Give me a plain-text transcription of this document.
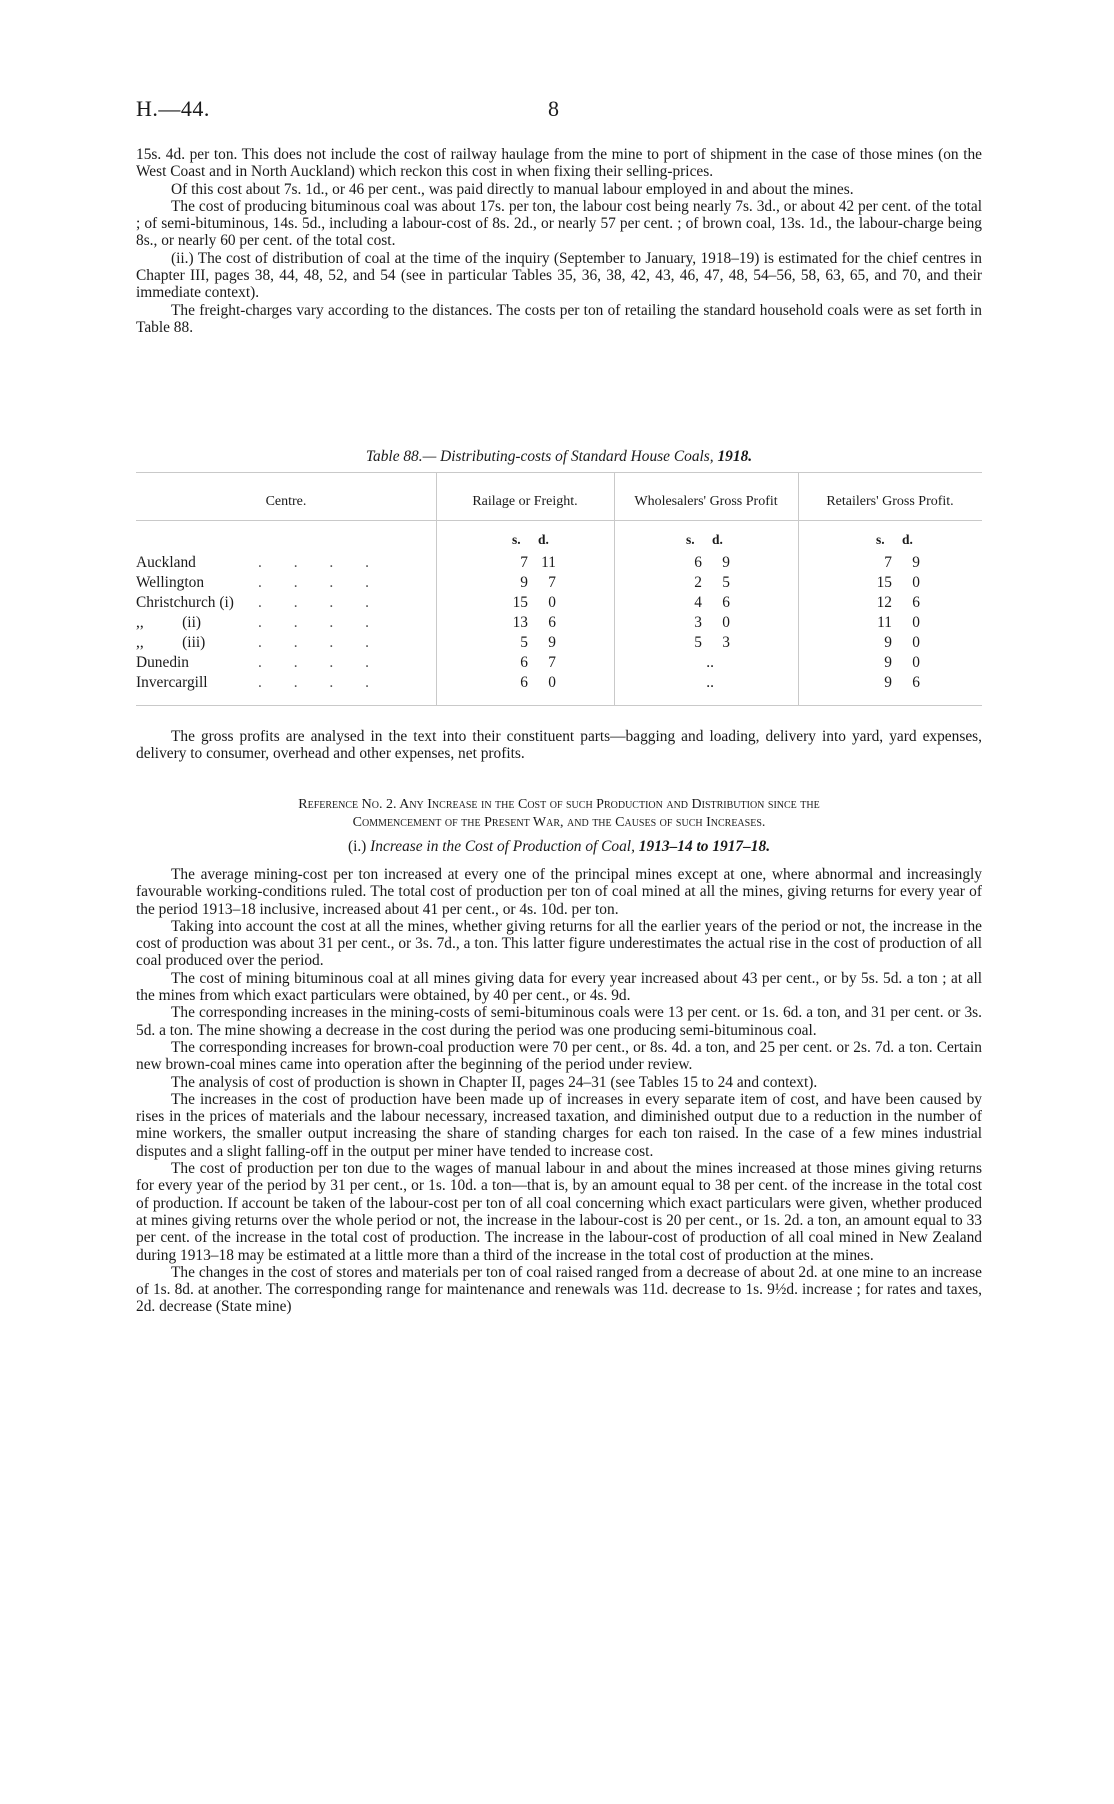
H.—44.	8

15s. 4d. per ton. This does not include the cost of railway haulage from the mine to port of shipment in the case of those mines (on the West Coast and in North Auckland) which reckon this cost in when fixing their selling-prices.

Of this cost about 7s. 1d., or 46 per cent., was paid directly to manual labour employed in and about the mines.

The cost of producing bituminous coal was about 17s. per ton, the labour cost being nearly 7s. 3d., or about 42 per cent. of the total ; of semi-bituminous, 14s. 5d., including a labour-cost of 8s. 2d., or nearly 57 per cent. ; of brown coal, 13s. 1d., the labour-charge being 8s., or nearly 60 per cent. of the total cost.

(ii.) The cost of distribution of coal at the time of the inquiry (September to January, 1918–19) is estimated for the chief centres in Chapter III, pages 38, 44, 48, 52, and 54 (see in particular Tables 35, 36, 38, 42, 43, 46, 47, 48, 54–56, 58, 63, 65, and 70, and their immediate context).

The freight-charges vary according to the distances. The costs per ton of retailing the standard household coals were as set forth in Table 88.

Table 88.— Distributing-costs of Standard House Coals, 1918.
Centre.	Railage or Freight.	Wholesalers' Gross Profit	Retailers' Gross Profit.
s. d.	s. d.	s. d.
Auckland	. . . .	7 11	6	9	7	9
Wellington	. . . .	9	7	2	5	15	0
Christchurch (i) . . . .	15	0	4	6	12	6
,,          (ii)	. . . .	13	6	3	0	11	0
,,          (iii)	. . . .	5	9	5	3	9	0
Dunedin	. . . .	6	7	..	9	0
Invercargill	. . . .	6	0	..	9	6

The gross profits are analysed in the text into their constituent parts—bagging and loading, delivery into yard, yard expenses, delivery to consumer, overhead and other expenses, net profits.

Reference No. 2. Any Increase in the Cost of such Production and Distribution since the
Commencement of the Present War, and the Causes of such Increases.
(i.) Increase in the Cost of Production of Coal, 1913–14 to 1917–18.

The average mining-cost per ton increased at every one of the principal mines except at one, where abnormal and increasingly favourable working-conditions ruled. The total cost of production per ton of coal mined at all the mines, giving returns for every year of the period 1913–18 inclusive, increased about 41 per cent., or 4s. 10d. per ton.

Taking into account the cost at all the mines, whether giving returns for all the earlier years of the period or not, the increase in the cost of production was about 31 per cent., or 3s. 7d., a ton. This latter figure underestimates the actual rise in the cost of production of all coal produced over the period.

The cost of mining bituminous coal at all mines giving data for every year increased about 43 per cent., or by 5s. 5d. a ton ; at all the mines from which exact particulars were obtained, by 40 per cent., or 4s. 9d.

The corresponding increases in the mining-costs of semi-bituminous coals were 13 per cent. or 1s. 6d. a ton, and 31 per cent. or 3s. 5d. a ton. The mine showing a decrease in the cost during the period was one producing semi-bituminous coal.

The corresponding increases for brown-coal production were 70 per cent., or 8s. 4d. a ton, and 25 per cent. or 2s. 7d. a ton. Certain new brown-coal mines came into operation after the beginning of the period under review.

The analysis of cost of production is shown in Chapter II, pages 24–31 (see Tables 15 to 24 and context).

The increases in the cost of production have been made up of increases in every separate item of cost, and have been caused by rises in the prices of materials and the labour necessary, increased taxation, and diminished output due to a reduction in the number of mine workers, the smaller output increasing the share of standing charges for each ton raised. In the case of a few mines industrial disputes and a slight falling-off in the output per miner have tended to increase cost.

The cost of production per ton due to the wages of manual labour in and about the mines increased at those mines giving returns for every year of the period by 31 per cent., or 1s. 10d. a ton—that is, by an amount equal to 38 per cent. of the increase in the total cost of production. If account be taken of the labour-cost per ton of all coal concerning which exact particulars were given, whether produced at mines giving returns over the whole period or not, the increase in the labour-cost is 20 per cent., or 1s. 2d. a ton, an amount equal to 33 per cent. of the increase in the total cost of production. The increase in the labour-cost of production of all coal mined in New Zealand during 1913–18 may be estimated at a little more than a third of the increase in the total cost of production at the mines.

The changes in the cost of stores and materials per ton of coal raised ranged from a decrease of about 2d. at one mine to an increase of 1s. 8d. at another. The corresponding range for maintenance and renewals was 11d. decrease to 1s. 9½d. increase ; for rates and taxes, 2d. decrease (State mine)
